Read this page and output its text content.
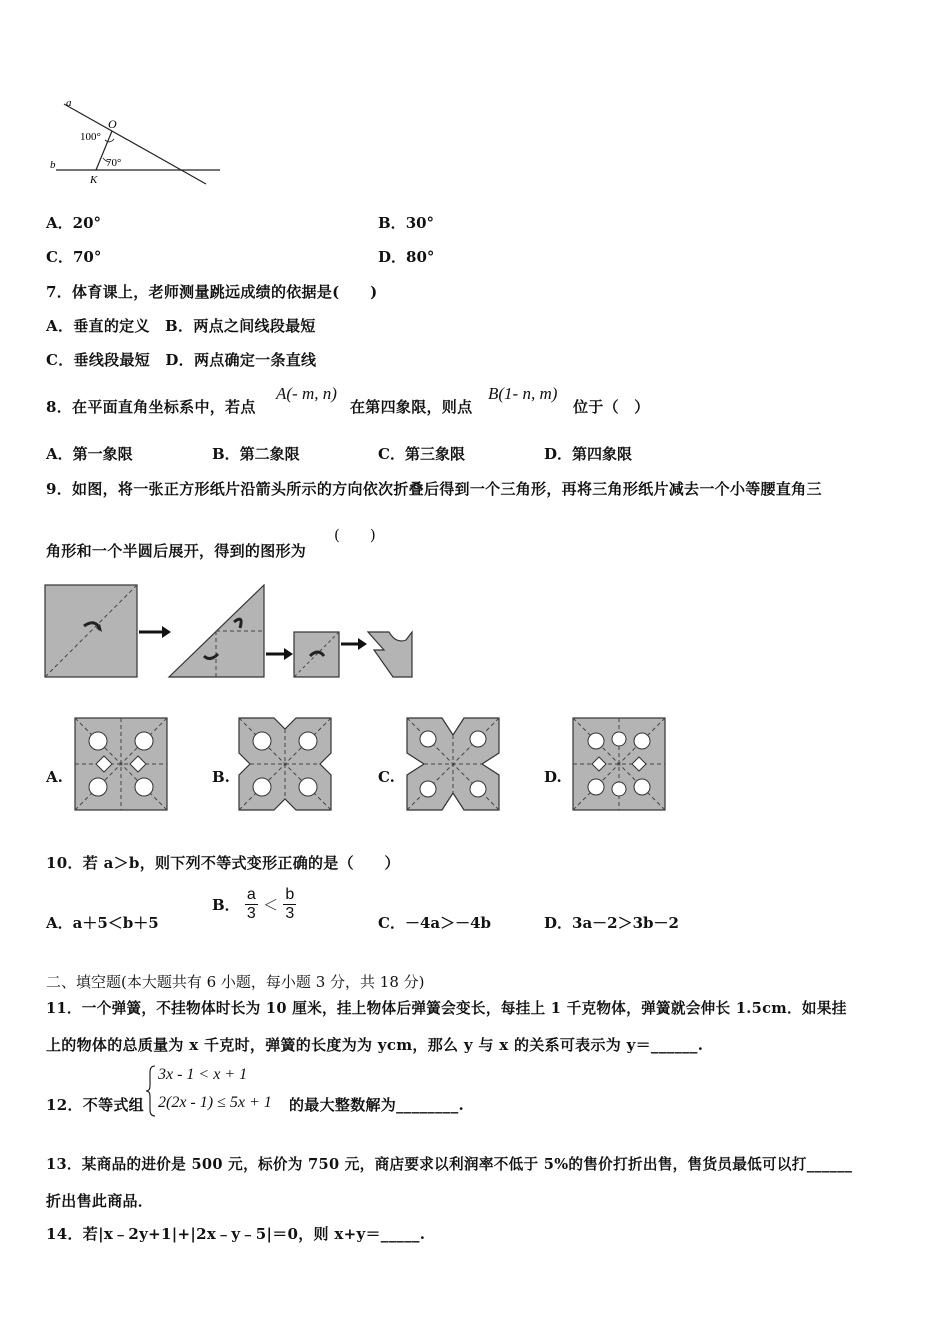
a
b
O
K
100°
70°
A．20°	B．30°
C．70°	D．80°
7．体育课上，老师测量跳远成绩的依据是(　　)
A．垂直的定义　B．两点之间线段最短
C．垂线段最短　D．两点确定一条直线
8．在平面直角坐标系中，若点
A(- m, n)
在第四象限，则点
B(1- n, m)
位于（　）
A．第一象限	B．第二象限	C．第三象限	D．第四象限
9．如图，将一张正方形纸片沿箭头所示的方向依次折叠后得到一个三角形，再将三角形纸片减去一个小等腰直角三
角形和一个半圆后展开，得到的图形为
(　　)
A.	B.	C.	D.
10．若 a＞b，则下列不等式变形正确的是（　　）
A．a＋5＜b＋5
B． $\frac{a}{3} < \frac{b}{3}$	C．－4a＞－4b	D．3a－2＞3b－2
二、填空题(本大题共有 6 小题，每小题 3 分，共 18 分)
11．一个弹簧，不挂物体时长为 10 厘米，挂上物体后弹簧会变长，每挂上 1 千克物体，弹簧就会伸长 1.5cm．如果挂
上的物体的总质量为 x 千克时，弹簧的长度为为 ycm，那么 y 与 x 的关系可表示为 y＝______.
12．不等式组
3x - 1 < x + 1
2(2x - 1) ≤ 5x + 1 的最大整数解为________.
13．某商品的进价是 500 元，标价为 750 元，商店要求以利润率不低于 5%的售价打折出售，售货员最低可以打______
折出售此商品．
14．若|x﹣2y+1|+|2x﹣y﹣5|＝0，则 x+y＝_____.
